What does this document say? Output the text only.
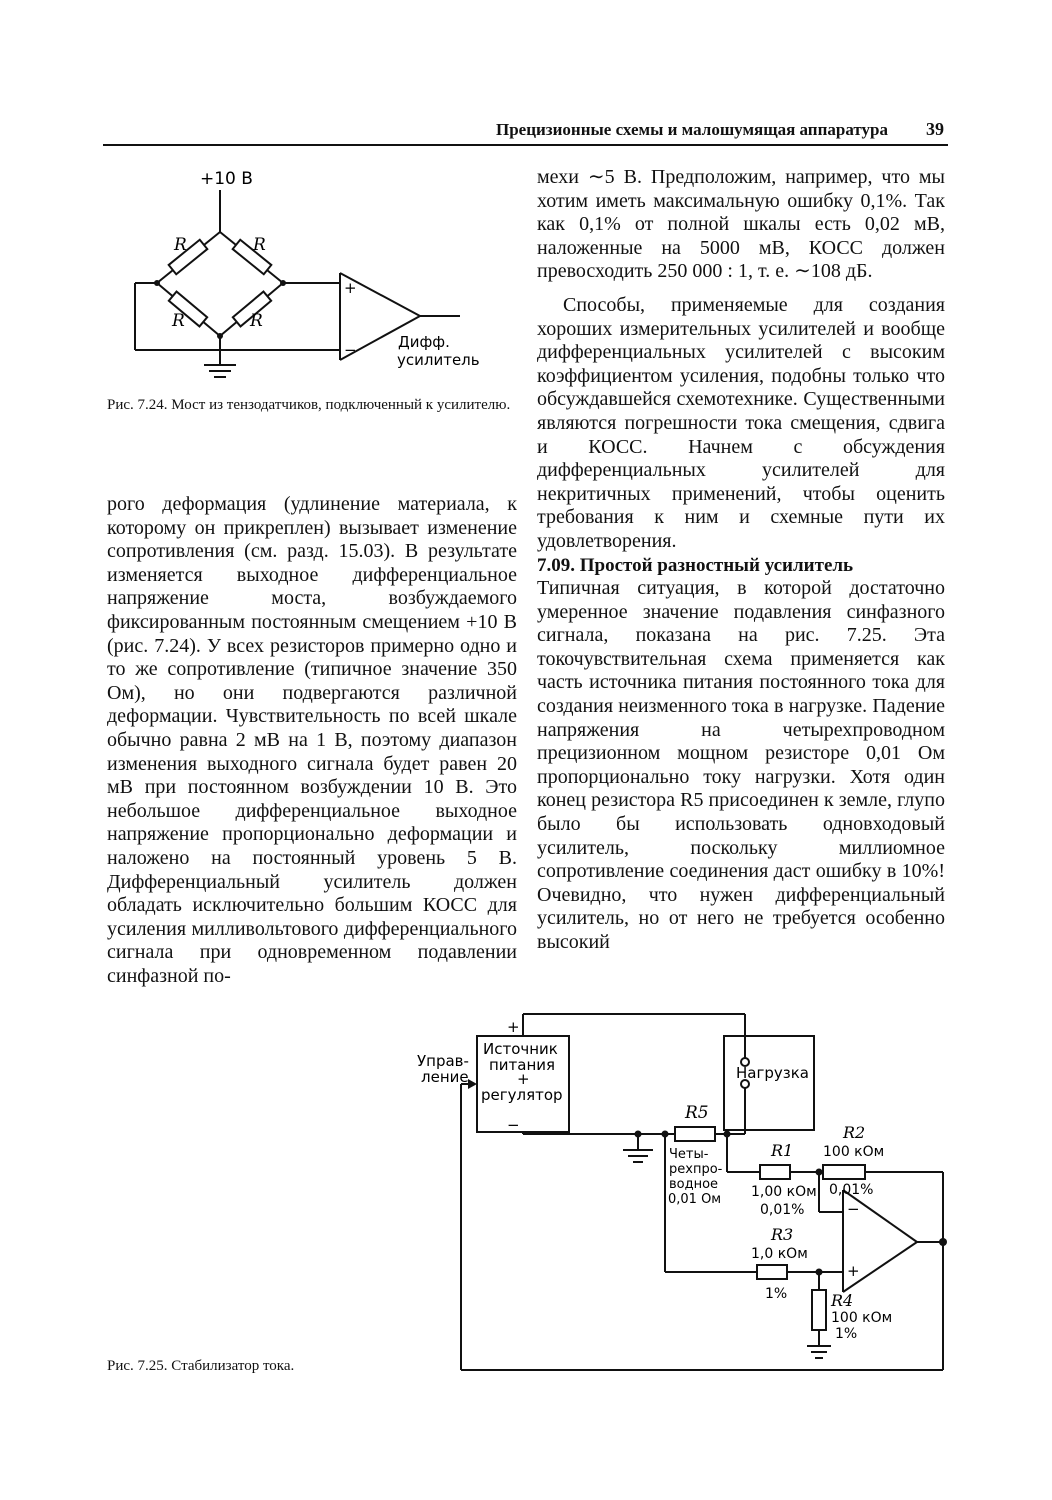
Прецизионные схемы и малошумящая аппаратура 39
+10 В
R	R
R	R
+
−	Дифф.
усилитель
Рис. 7.24. Мост из тензодатчиков, подключенный к усилителю.

рого деформация (удлинение материала, к которому он прикреплен) вызывает изменение сопротивления (см. разд. 15.03). В результате изменяется выходное дифференциальное напряжение моста, возбуждаемого фиксированным постоянным смещением +10 В (рис. 7.24). У всех резисторов примерно одно и то же сопротивление (типичное значение 350 Ом), но они подвергаются различной деформации. Чувствительность по всей шкале обычно равна 2 мВ на 1 В, поэтому диапазон изменения выходного сигнала будет равен 20 мВ при постоянном возбуждении 10 В. Это небольшое дифференциальное выходное напряжение пропорционально деформации и наложено на постоянный уровень 5 В. Дифференциальный усилитель должен обладать исключительно большим КОСС для усиления милливольтового дифференциального сигнала при одновременном подавлении синфазной по-

мехи ∼5 В. Предположим, например, что мы хотим иметь максимальную ошибку 0,1%. Так как 0,1% от полной шкалы есть 0,02 мВ, наложенные на 5000 мВ, КОСС должен превосходить 250 000 : 1, т. е. ∼108 дБ.

Способы, применяемые для создания хороших измерительных усилителей и вообще дифференциальных усилителей с высоким коэффициентом усиления, подобны только что обсуждавшейся схемотехнике. Существенными являются погрешности тока смещения, сдвига и КОСС. Начнем с обсуждения дифференциальных усилителей для некритичных применений, чтобы оценить требования к ним и схемные пути их удовлетворения.

7.09. Простой разностный усилитель

Типичная ситуация, в которой достаточно умеренное значение подавления синфазного сигнала, показана на рис. 7.25. Эта токочувствительная схема применяется как часть источника питания постоянного тока для создания неизменного тока в нагрузке. Падение напряжения на четырехпроводном прецизионном мощном резисторе 0,01 Ом пропорционально току нагрузки. Хотя один конец резистора R5 присоединен к земле, глупо было бы использовать одновходовый усилитель, поскольку миллиомное сопротивление соединения даст ошибку в 10%! Очевидно, что нужен дифференциальный усилитель, но от него не требуется особенно высокий

Управ-
ление
Источник
питания
+
регулятор
+
−
Нагрузка
R5
Четы-
рехпро-
водное
0,01 Ом
R1
1,00 кОм
0,01%
R2
100 кОм
0,01%
R3
1,0 кОм
1%	R4
100 кОм
1%
−
+
Рис. 7.25. Стабилизатор тока.
